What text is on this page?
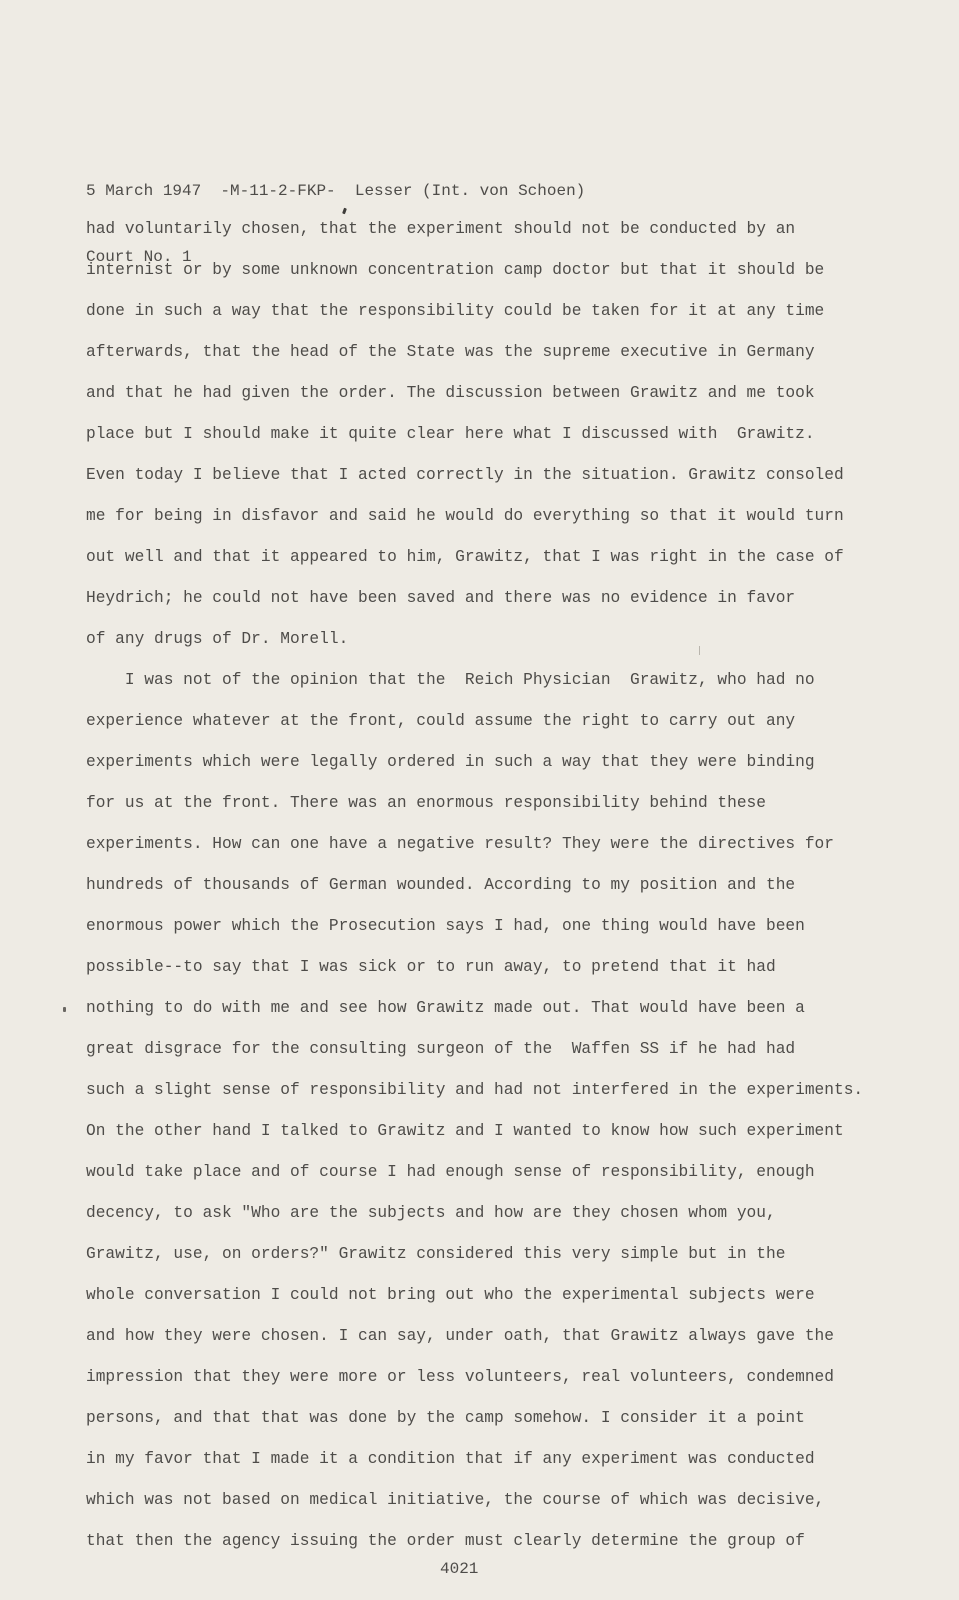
5 March 1947  -M-11-2-FKP-  Lesser (Int. von Schoen)

Court No. 1

had voluntarily chosen, that the experiment should not be conducted by an
internist or by some unknown concentration camp doctor but that it should be
done in such a way that the responsibility could be taken for it at any time
afterwards, that the head of the State was the supreme executive in Germany
and that he had given the order. The discussion between Grawitz and me took
place but I should make it quite clear here what I discussed with  Grawitz.
Even today I believe that I acted correctly in the situation. Grawitz consoled
me for being in disfavor and said he would do everything so that it would turn
out well and that it appeared to him, Grawitz, that I was right in the case of
Heydrich; he could not have been saved and there was no evidence in favor
of any drugs of Dr. Morell.
I was not of the opinion that the  Reich Physician  Grawitz, who had no
experience whatever at the front, could assume the right to carry out any
experiments which were legally ordered in such a way that they were binding
for us at the front. There was an enormous responsibility behind these
experiments. How can one have a negative result? They were the directives for
hundreds of thousands of German wounded. According to my position and the
enormous power which the Prosecution says I had, one thing would have been
possible--to say that I was sick or to run away, to pretend that it had
nothing to do with me and see how Grawitz made out. That would have been a
great disgrace for the consulting surgeon of the  Waffen SS if he had had
such a slight sense of responsibility and had not interfered in the experiments.
On the other hand I talked to Grawitz and I wanted to know how such experiment
would take place and of course I had enough sense of responsibility, enough
decency, to ask "Who are the subjects and how are they chosen whom you,
Grawitz, use, on orders?" Grawitz considered this very simple but in the
whole conversation I could not bring out who the experimental subjects were
and how they were chosen. I can say, under oath, that Grawitz always gave the
impression that they were more or less volunteers, real volunteers, condemned
persons, and that that was done by the camp somehow. I consider it a point
in my favor that I made it a condition that if any experiment was conducted
which was not based on medical initiative, the course of which was decisive,
that then the agency issuing the order must clearly determine the group of
4021
